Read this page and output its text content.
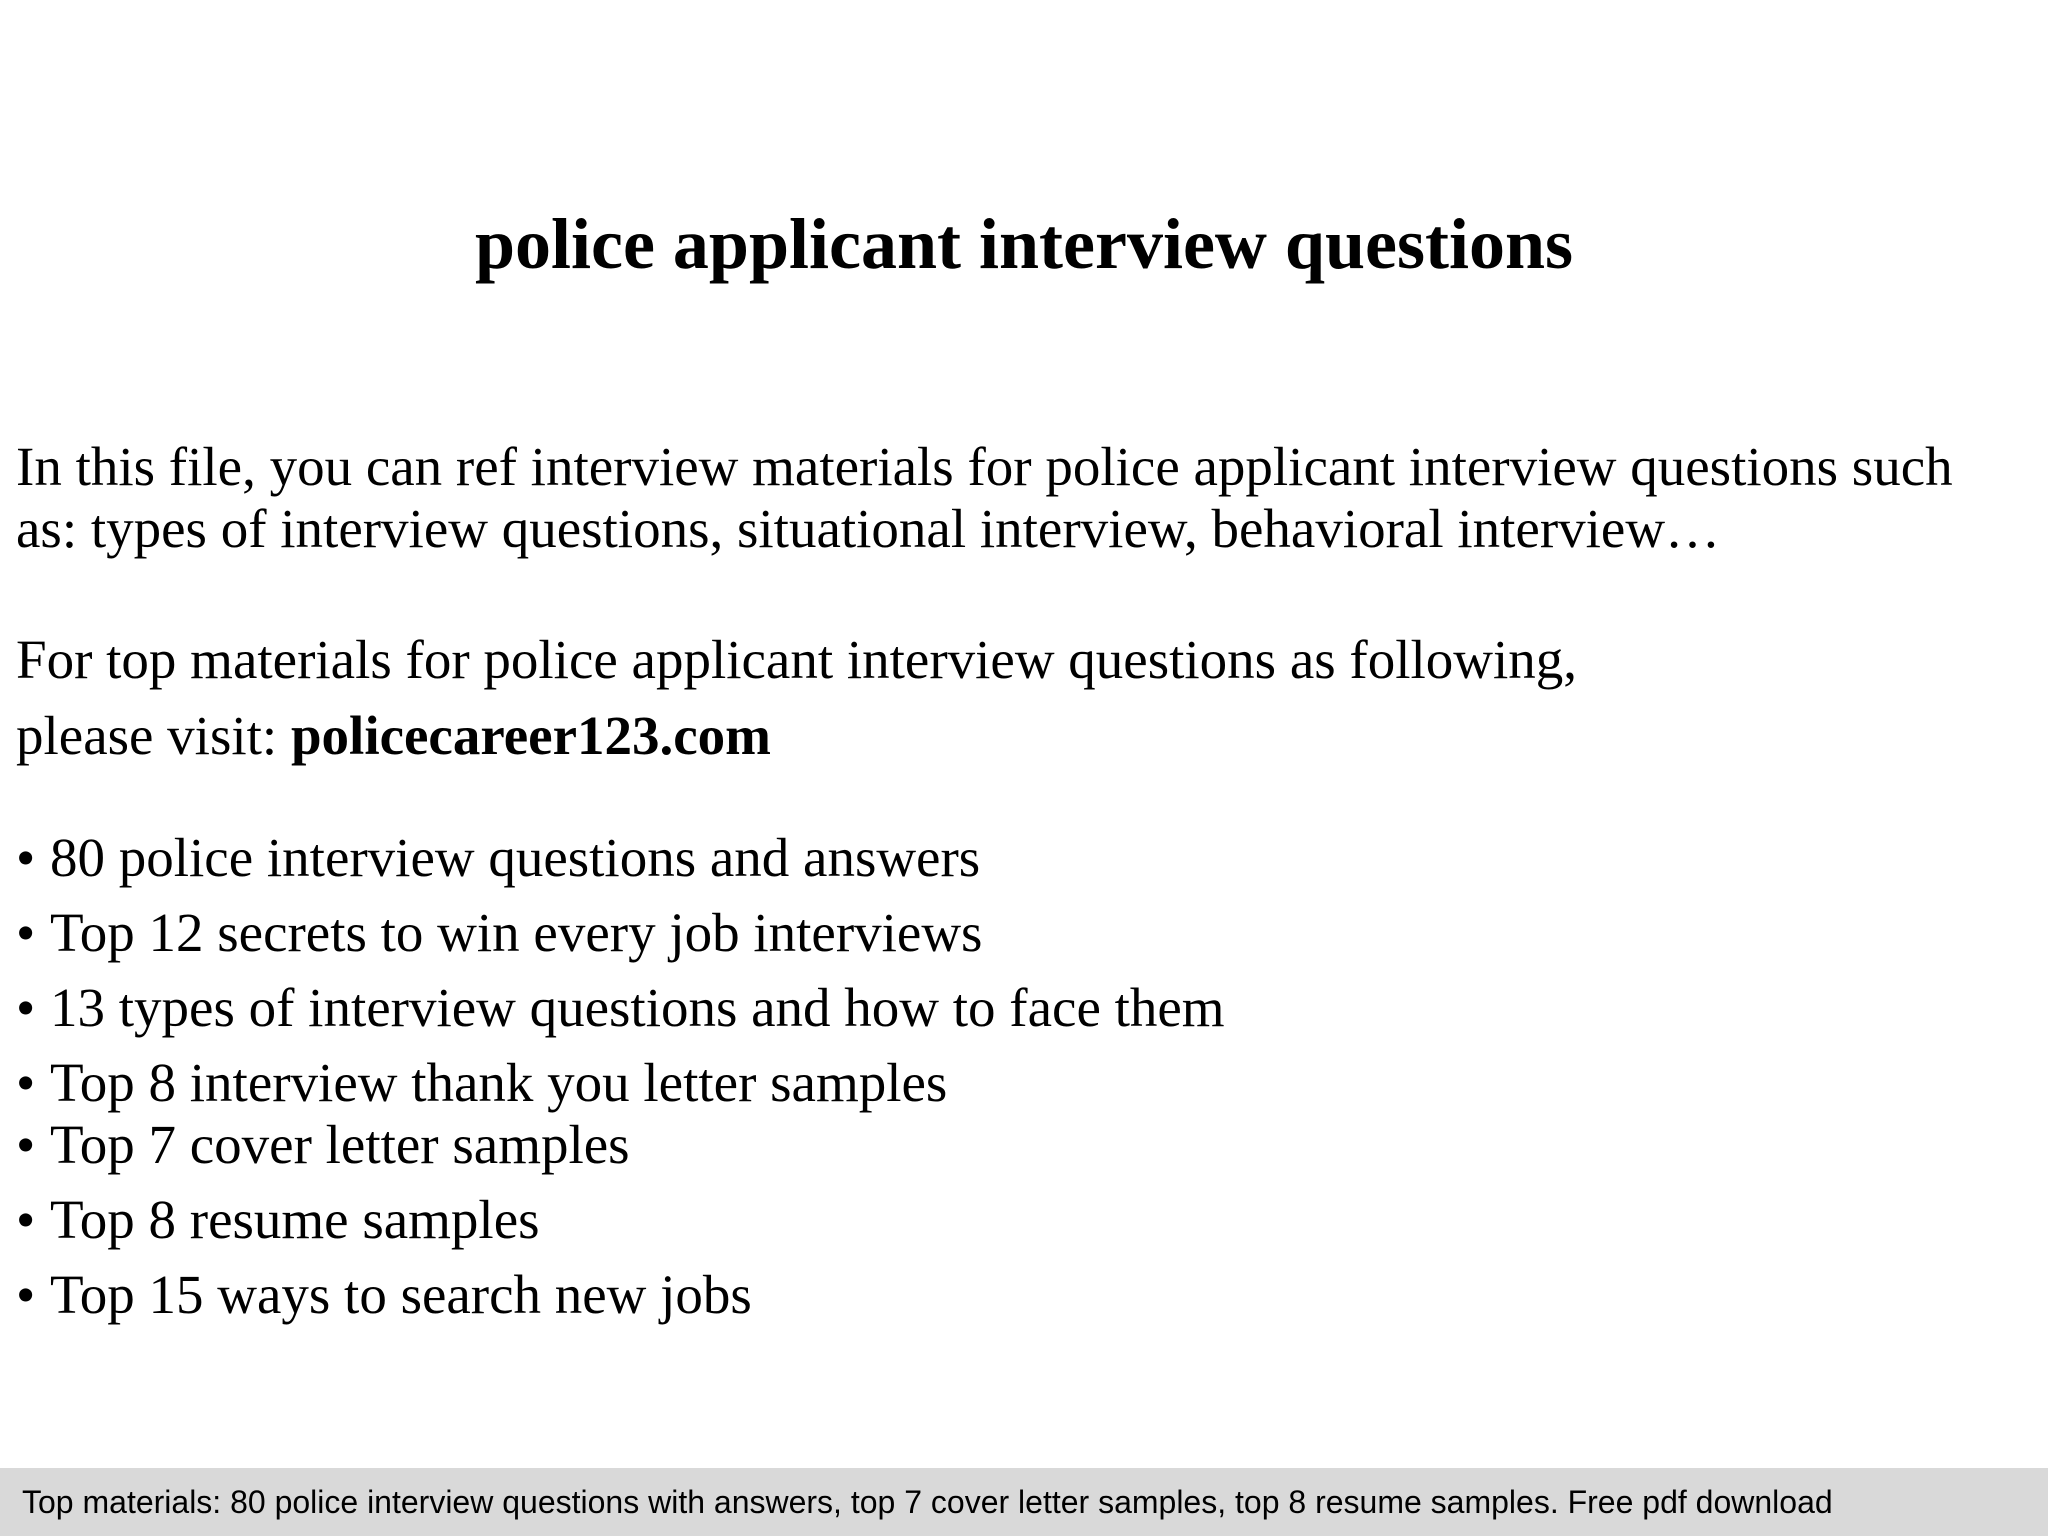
police applicant interview questions
In this file, you can ref interview materials for police applicant interview questions such
as: types of interview questions, situational interview, behavioral interview…
For top materials for police applicant interview questions as following,
please visit: policecareer123.com
• 80 police interview questions and answers
• Top 12 secrets to win every job interviews
• 13 types of interview questions and how to face them
• Top 8 interview thank you letter samples
• Top 7 cover letter samples
• Top 8 resume samples
• Top 15 ways to search new jobs
Top materials: 80 police interview questions with answers, top 7 cover letter samples, top 8 resume samples. Free pdf download
